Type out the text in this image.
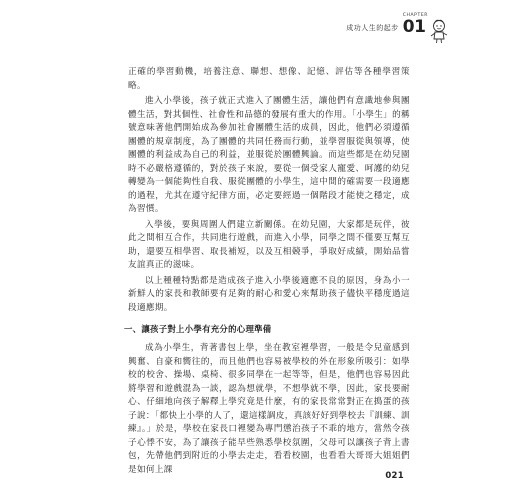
成功人生的起步
CHAPTER
01

正確的學習動機，培養注意、聯想、想像、記憶、評估等各種學習策略。

進入小學後，孩子就正式進入了團體生活，讓他們有意識地參與團體生活，對其個性、社會性和品德的發展有重大的作用。「小學生」的稱號意味著他們開始成為參加社會團體生活的成員，因此，他們必須遵循團體的規章制度，為了團體的共同任務而行動，並學習服從與領導，使團體的利益成為自己的利益，並服從於團體興論。而這些都是在幼兒園時不必嚴格遵循的，對於孩子來說，要從一個受家人寵愛、呵護的幼兒轉變為一個能夠性自我、服從團體的小學生，這中間的確需要一段適應的過程，尤其在遵守紀律方面，必定要經過一個階段才能使之穩定，成為習慣。

入學後，要與周圍人們建立新關係。在幼兒園，大家都是玩伴，彼此之間相互合作，共同進行遊戲，而進入小學，同學之間不僅要互幫互助，還要互相學習、取長補短，以及互相競爭，爭取好成績，開始品嘗友誼真正的滋味。

以上種種特點都是造成孩子進入小學後適應不良的原因，身為小一新鮮人的家長和教師要有足夠的耐心和愛心來幫助孩子儘快平穩度過這段適應期。

一、讓孩子對上小學有充分的心理準備

成為小學生，背著書包上學，坐在教室裡學習，一般是令兒童感到興奮、自豪和嚮往的，而且他們也容易被學校的外在形象所吸引：如學校的校舍、操場、桌椅、很多同學在一起等等，但是，他們也容易因此將學習和遊戲混為一談，認為想就學，不想學就不學，因此，家長要耐心、仔細地向孩子解釋上學究竟是什麼，有的家長常常對正在搗蛋的孩子說：「都快上小學的人了，還這樣調皮，真該好好到學校去『訓練、訓練』。」於是，學校在家長口裡變為專門懲治孩子不乖的地方，當然令孩子心悸不安，為了讓孩子能早些熟悉學校氛圍，父母可以讓孩子背上書包，先帶他們到附近的小學去走走，看看校園，也看看大哥哥大姐姐們是如何上課

021
